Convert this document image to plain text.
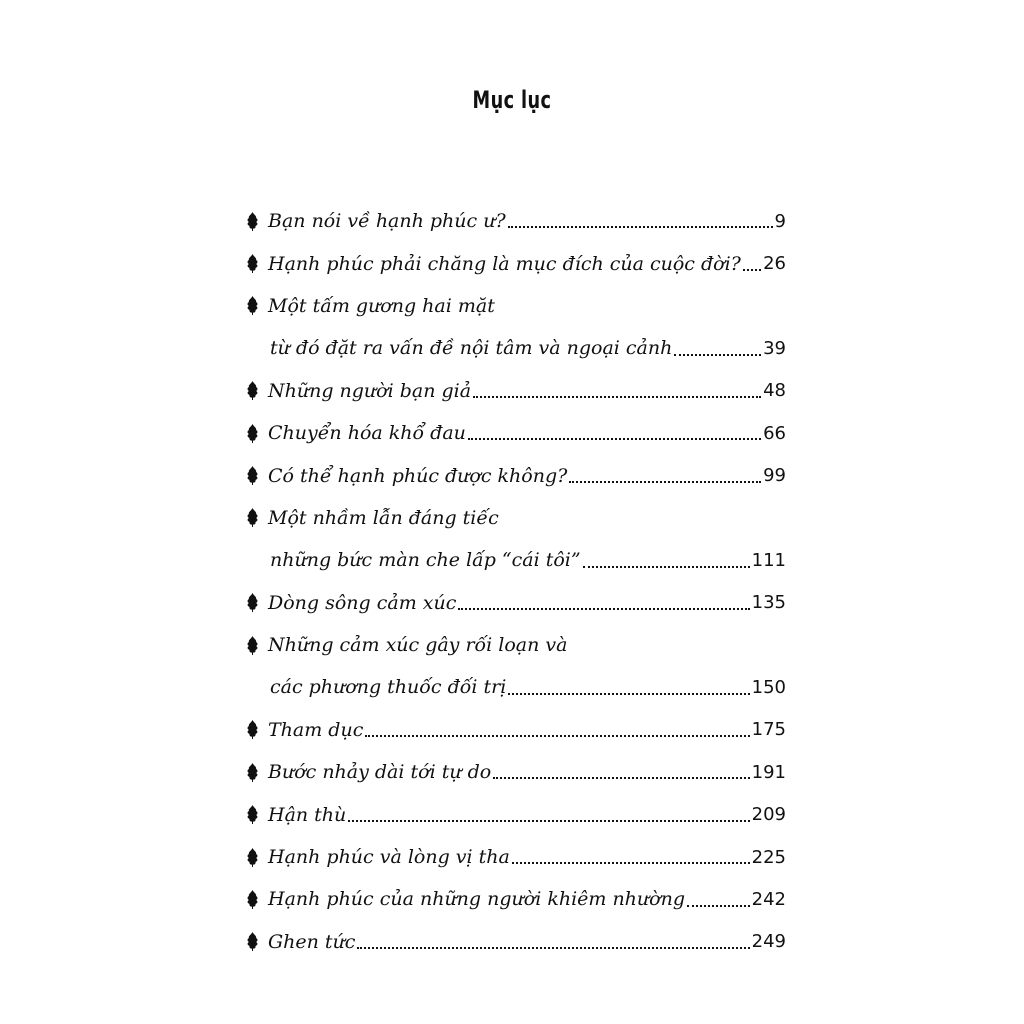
Mục lục
Bạn nói về hạnh phúc ư?	9
Hạnh phúc phải chăng là mục đích của cuộc đời? 26
Một tấm gương hai mặt
từ đó đặt ra vấn đề nội tâm và ngoại cảnh	39
Những người bạn giả	48
Chuyển hóa khổ đau	66
Có thể hạnh phúc được không?	99
Một nhầm lẫn đáng tiếc
những bức màn che lấp “cái tôi”	111
Dòng sông cảm xúc	135
Những cảm xúc gây rối loạn và
các phương thuốc đối trị	150
Tham dục	175
Bước nhảy dài tới tự do	191
Hận thù	209
Hạnh phúc và lòng vị tha	225
Hạnh phúc của những người khiêm nhường	242
Ghen tức	249
